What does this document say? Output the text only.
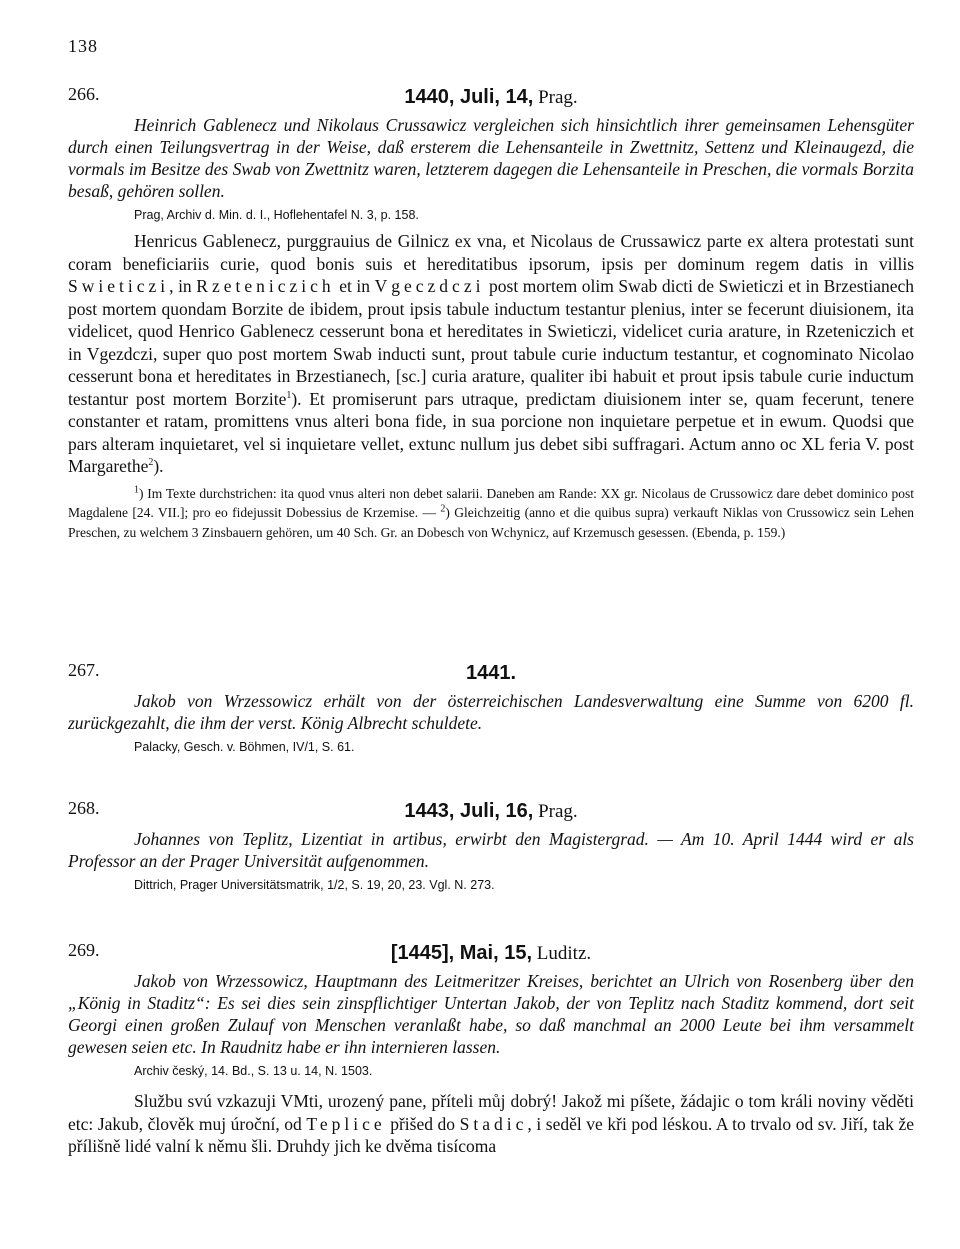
138
266.	1440, Juli, 14, Prag.

Heinrich Gablenecz und Nikolaus Crussawicz vergleichen sich hinsichtlich ihrer gemeinsamen Lehensgüter durch einen Teilungsvertrag in der Weise, daß ersterem die Lehensanteile in Zwettnitz, Settenz und Kleinaugezd, die vormals im Besitze des Swab von Zwettnitz waren, letzterem dagegen die Lehensanteile in Preschen, die vormals Borzita besaß, gehören sollen.

Prag, Archiv d. Min. d. I., Hoflehentafel N. 3, p. 158.

Henricus Gablenecz, purggrauius de Gilnicz ex vna, et Nicolaus de Crussawicz parte ex altera protestati sunt coram beneficiariis curie, quod bonis suis et hereditatibus ipsorum, ipsis per dominum regem datis in villis Swieticzi, in Rzeteniczich et in Vgeczdczi post mortem olim Swab dicti de Swieticzi et in Brzestianech post mortem quondam Borzite de ibidem, prout ipsis tabule inductum testantur plenius, inter se fecerunt diuisionem, ita videlicet, quod Henrico Gablenecz cesserunt bona et hereditates in Swieticzi, videlicet curia arature, in Rzeteniczich et in Vgezdczi, super quo post mortem Swab inducti sunt, prout tabule curie inductum testantur, et cognominato Nicolao cesserunt bona et hereditates in Brzestianech, [sc.] curia arature, qualiter ibi habuit et prout ipsis tabule curie inductum testantur post mortem Borzite$^1$). Et promiserunt pars utraque, predictam diuisionem inter se, quam fecerunt, tenere constanter et ratam, promittens vnus alteri bona fide, in sua porcione non inquietare perpetue et in ewum. Quodsi que pars alteram inquietaret, vel si inquietare vellet, extunc nullum jus debet sibi suffragari. Actum anno oc XL feria V. post Margarethe$^2$).

$^1$) Im Texte durchstrichen: ita quod vnus alteri non debet salarii. Daneben am Rande: XX gr. Nicolaus de Crussowicz dare debet dominico post Magdalene [24. VII.]; pro eo fidejussit Dobessius de Krzemise. — $^2$) Gleichzeitig (anno et die quibus supra) verkauft Niklas von Crussowicz sein Lehen Preschen, zu welchem 3 Zinsbauern gehören, um 40 Sch. Gr. an Dobesch von Wchynicz, auf Krzemusch gesessen. (Ebenda, p. 159.)

267.	1441.

Jakob von Wrzessowicz erhält von der österreichischen Landesverwaltung eine Summe von 6200 fl. zurückgezahlt, die ihm der verst. König Albrecht schuldete.

Palacky, Gesch. v. Böhmen, IV/1, S. 61.
268.	1443, Juli, 16, Prag.

Johannes von Teplitz, Lizentiat in artibus, erwirbt den Magistergrad. — Am 10. April 1444 wird er als Professor an der Prager Universität aufgenommen.

Dittrich, Prager Universitätsmatrik, 1/2, S. 19, 20, 23. Vgl. N. 273.
269.	[1445], Mai, 15, Luditz.

Jakob von Wrzessowicz, Hauptmann des Leitmeritzer Kreises, berichtet an Ulrich von Rosenberg über den „König in Staditz“: Es sei dies sein zinspflichtiger Untertan Jakob, der von Teplitz nach Staditz kommend, dort seit Georgi einen großen Zulauf von Menschen veranlaßt habe, so daß manchmal an 2000 Leute bei ihm versammelt gewesen seien etc. In Raudnitz habe er ihn internieren lassen.

Archiv český, 14. Bd., S. 13 u. 14, N. 1503.

Službu svú vzkazuji VMti, urozený pane, příteli můj dobrý! Jakož mi píšete, žádajic o tom králi noviny věděti etc: Jakub, člověk muj úroční, od Teplice přišed do Stadic, i seděl ve kři pod léskou. A to trvalo od sv. Jiří, tak že přílišně lidé valní k němu šli. Druhdy jich ke dvěma tisícoma
